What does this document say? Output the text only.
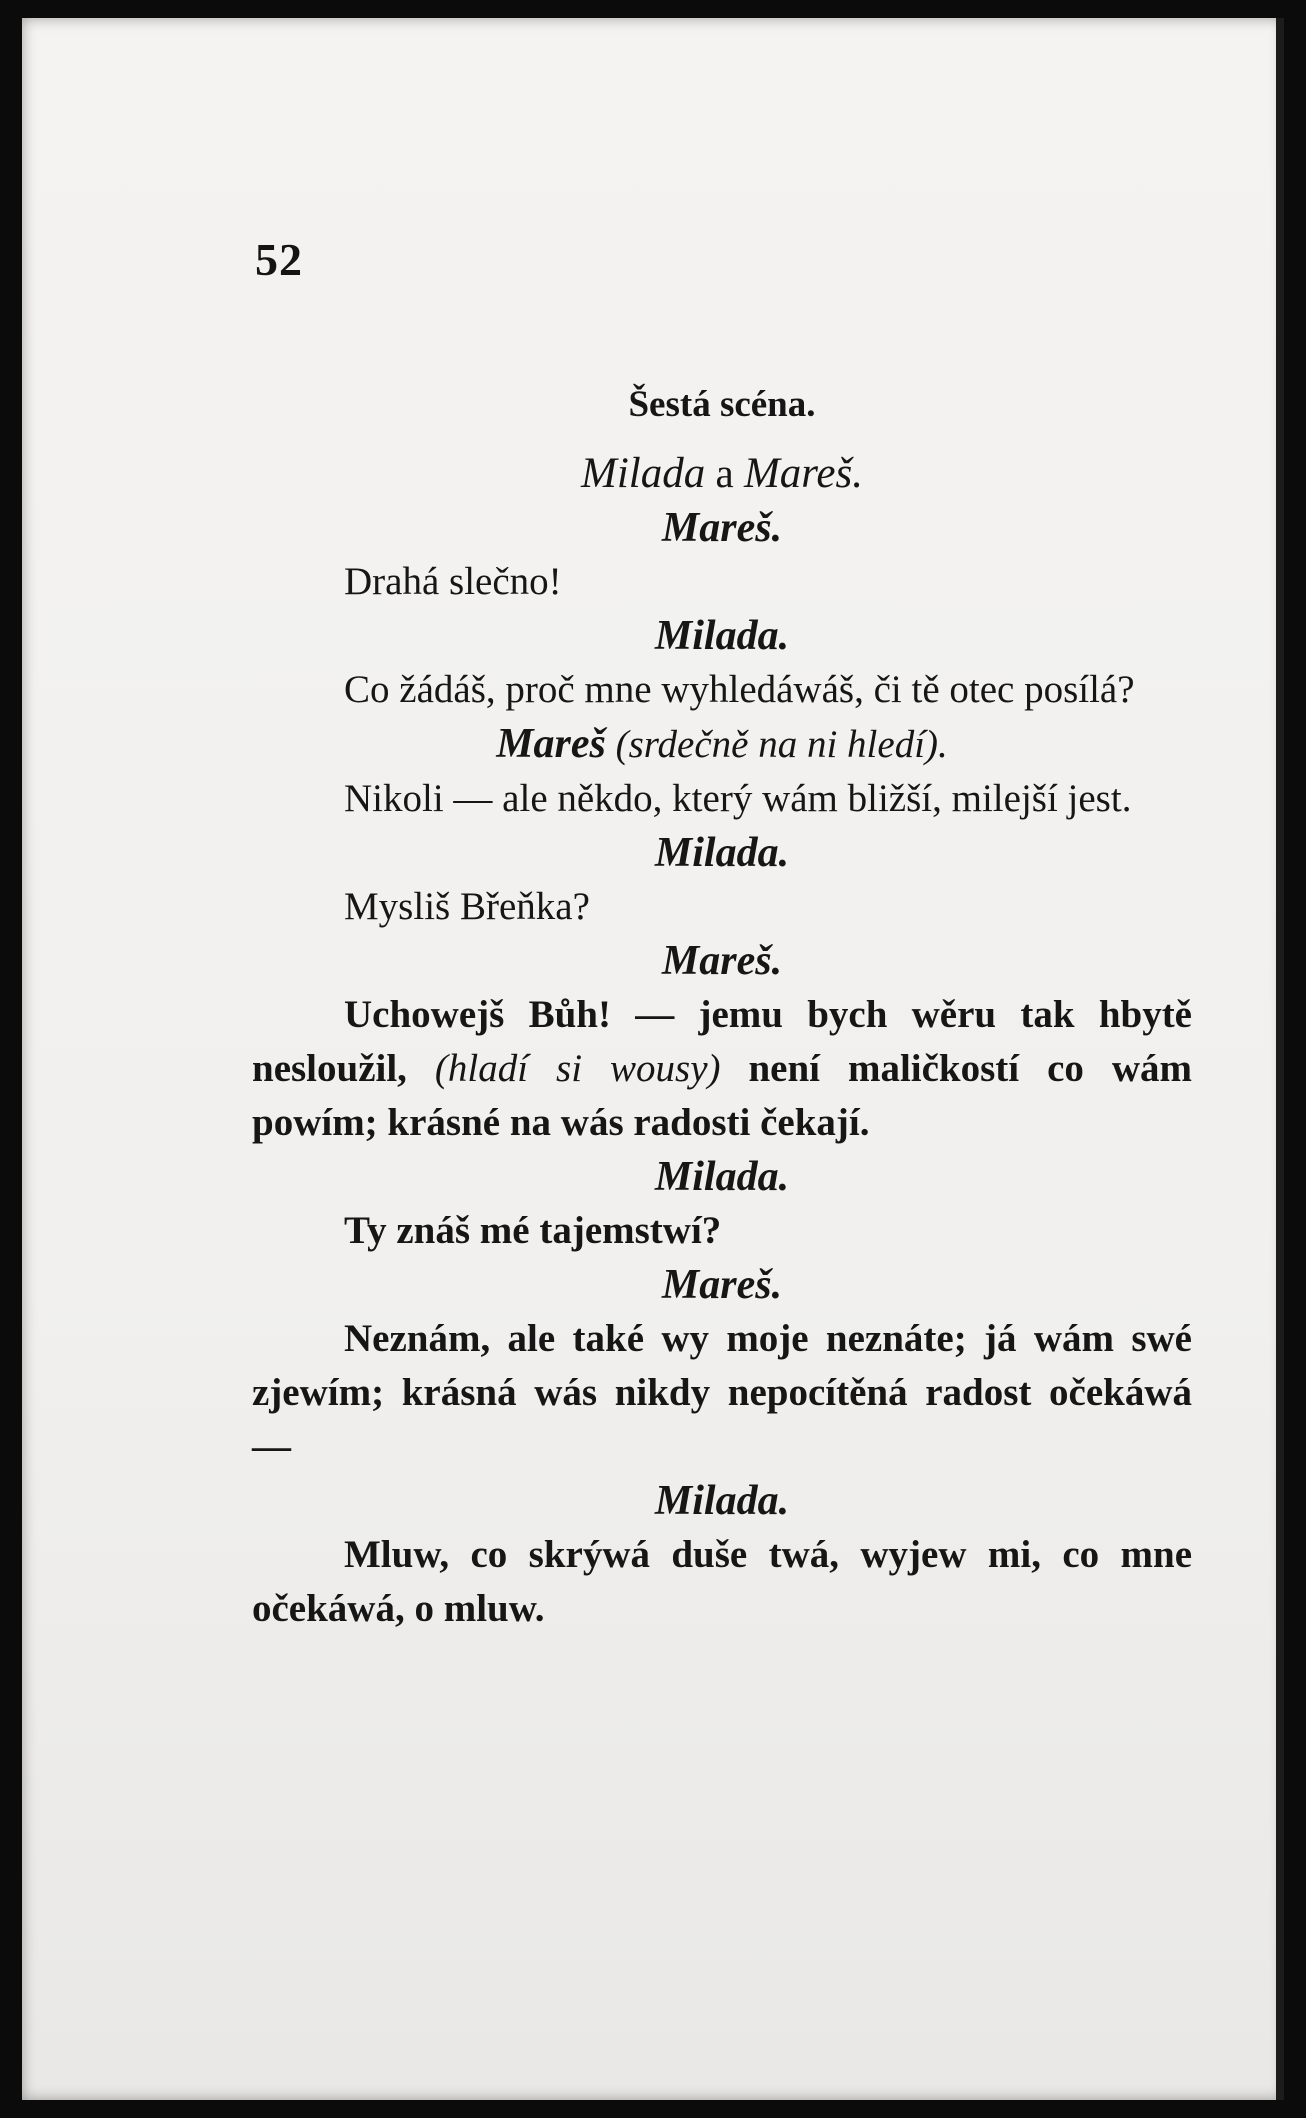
52
Šestá scéna.
Milada a Mareš.
Mareš.

Drahá slečno!

Milada.

Co žádáš, proč mne wyhledáwáš, či tě otec posílá?

Mareš (srdečně na ni hledí).

Nikoli — ale někdo, který wám bližší, milejší jest.

Milada.

Mysliš Břeňka?

Mareš.

Uchowejš Bůh! — jemu bych wěru tak hbytě nesloužil, (hladí si wousy) není maličkostí co wám powím; krásné na wás radosti čekají.

Milada.

Ty znáš mé tajemstwí?

Mareš.

Neznám, ale také wy moje neznáte; já wám swé zjewím; krásná wás nikdy nepocítěná radost očekáwá —

Milada.

Mluw, co skrýwá duše twá, wyjew mi, co mne očekáwá, o mluw.
